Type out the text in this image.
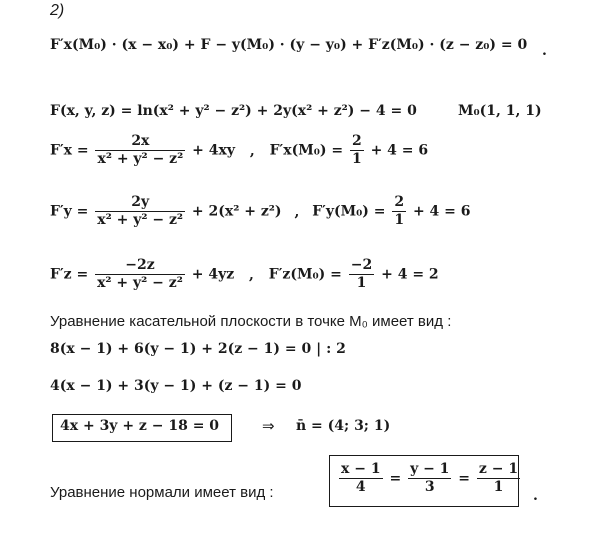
2)
F′x(M₀) · (x − x₀) + F − y(M₀) · (y − y₀) + F′z(M₀) · (z − z₀) = 0 .
F(x, y, z) = ln(x² + y² − z²) + 2y(x² + z²) − 4 = 0	M₀(1, 1, 1)
$F'x = \frac{2x}{\text{x² + y² − z²}} + 4xy$ , $F'x(M_0) = \frac{2}{1} + 4 = 6$
$F'y = \frac{2y}{\text{x² + y² − z²}} + 2(x^2 + z^2)$ , $F'y(M_0) = \frac{2}{1} + 4 = 6$
$F'z = \frac{-2z}{\text{x² + y² − z²}} + 4yz$ , $F'z(M_0) = \frac{-2}{1} + 4 = 2$
Уравнение касательной плоскости в точке M₀ имеет вид :
8(x − 1) + 6(y − 1) + 2(z − 1) = 0 | : 2
4(x − 1) + 3(y − 1) + (z − 1) = 0
4x + 3y + z − 18 = 0	⇒ n̄ = (4; 3; 1)
Уравнение нормали имеет вид :	$\frac{x - 1}{4} = \frac{y - 1}{3} = \frac{z - 1}{1}$ .
